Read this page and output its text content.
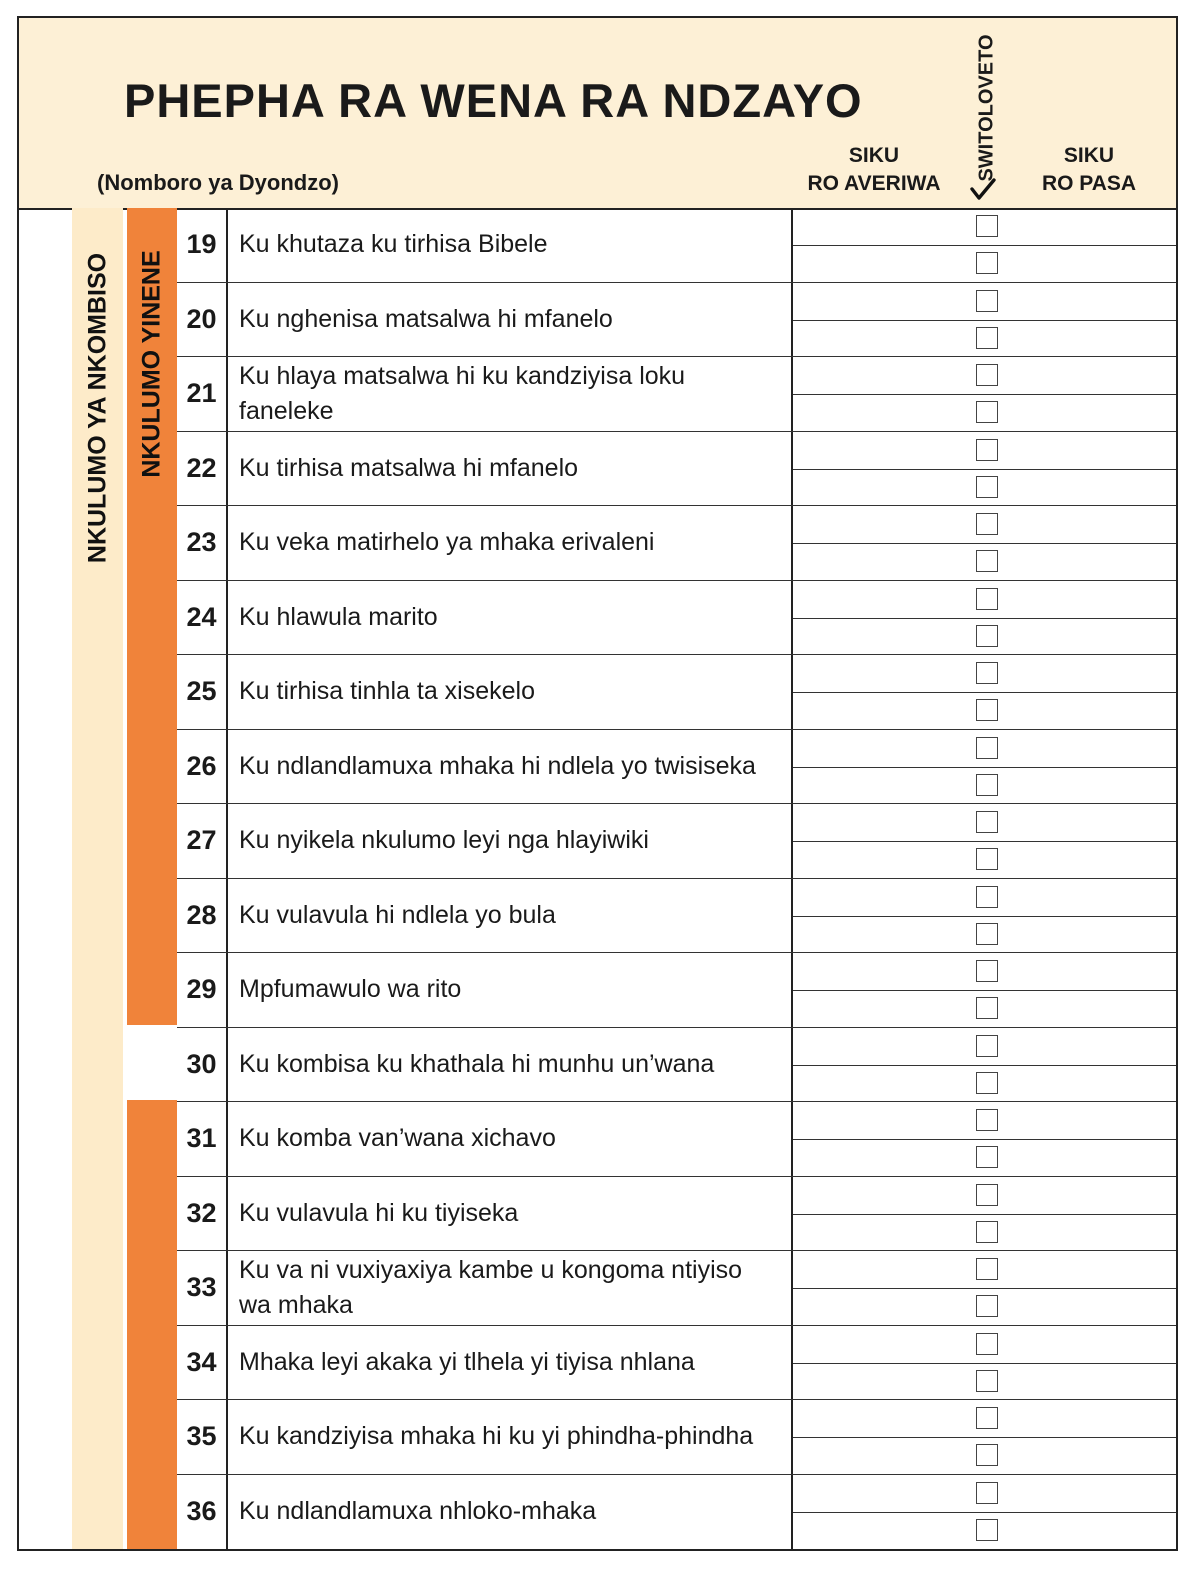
PHEPHA RA WENA RA NDZAYO
(Nomboro ya Dyondzo)
SIKU
RO AVERIWA
SWITOLOVETO	SIKU
RO PASA
NKULUMO YA NKOMBISO NKULUMO YINENE
19 Ku khutaza ku tirhisa Bibele
20 Ku nghenisa matsalwa hi mfanelo
21
Ku hlaya matsalwa hi ku kandziyisa loku faneleke
22 Ku tirhisa matsalwa hi mfanelo
23 Ku veka matirhelo ya mhaka erivaleni
24 Ku hlawula marito
25 Ku tirhisa tinhla ta xisekelo
26 Ku ndlandlamuxa mhaka hi ndlela yo twisiseka
27 Ku nyikela nkulumo leyi nga hlayiwiki
28 Ku vulavula hi ndlela yo bula
29 Mpfumawulo wa rito
30 Ku kombisa ku khathala hi munhu un’wana
31 Ku komba van’wana xichavo
32 Ku vulavula hi ku tiyiseka
33
Ku va ni vuxiyaxiya kambe u kongoma ntiyiso wa mhaka
34 Mhaka leyi akaka yi tlhela yi tiyisa nhlana
35 Ku kandziyisa mhaka hi ku yi phindha-phindha
36 Ku ndlandlamuxa nhloko-mhaka
